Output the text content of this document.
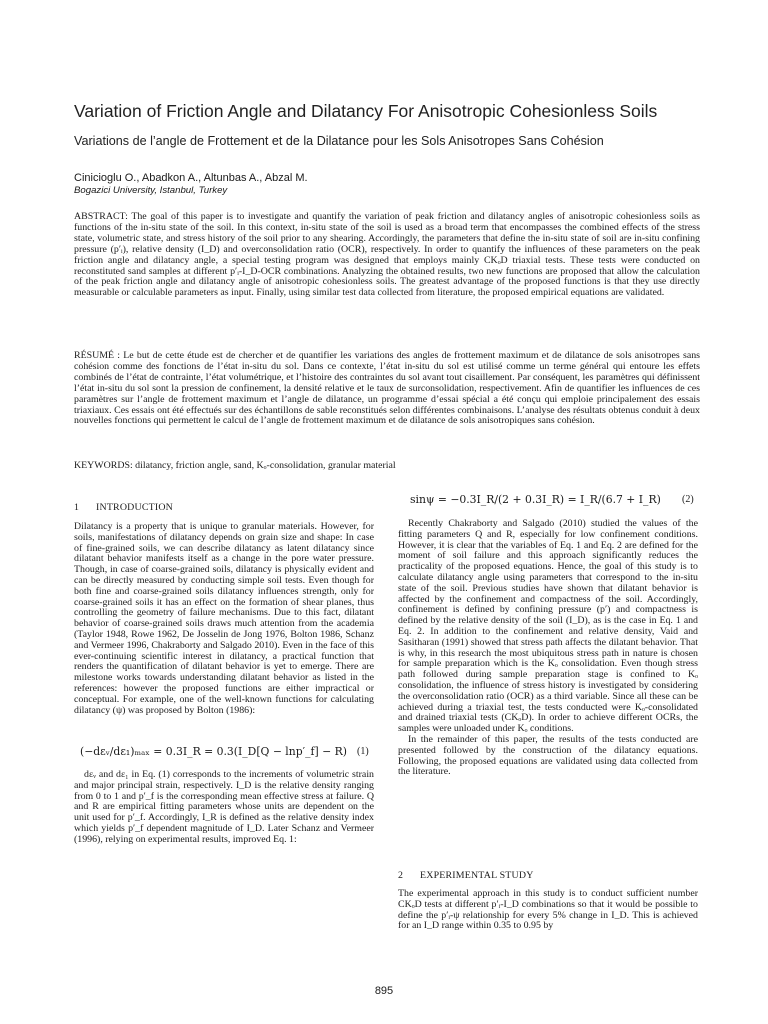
Variation of Friction Angle and Dilatancy For Anisotropic Cohesionless Soils
Variations de l’angle de Frottement et de la Dilatance pour les Sols Anisotropes Sans Cohésion
Cinicioglu O., Abadkon A., Altunbas A., Abzal M.
Bogazici University, Istanbul, Turkey

ABSTRACT: The goal of this paper is to investigate and quantify the variation of peak friction and dilatancy angles of anisotropic cohesionless soils as functions of the in-situ state of the soil. In this context, in-situ state of the soil is used as a broad term that encompasses the combined effects of the stress state, volumetric state, and stress history of the soil prior to any shearing. Accordingly, the parameters that define the in-situ state of soil are in-situ confining pressure (p′ᵢ), relative density (I_D) and overconsolidation ratio (OCR), respectively. In order to quantify the influences of these parameters on the peak friction angle and dilatancy angle, a special testing program was designed that employs mainly CKₒD triaxial tests. These tests were conducted on reconstituted sand samples at different p′ᵢ-I_D-OCR combinations. Analyzing the obtained results, two new functions are proposed that allow the calculation of the peak friction angle and dilatancy angle of anisotropic cohesionless soils. The greatest advantage of the proposed functions is that they use directly measurable or calculable parameters as input. Finally, using similar test data collected from literature, the proposed empirical equations are validated.

RÉSUMÉ : Le but de cette étude est de chercher et de quantifier les variations des angles de frottement maximum et de dilatance de sols anisotropes sans cohésion comme des fonctions de l’état in-situ du sol. Dans ce contexte, l’état in-situ du sol est utilisé comme un terme général qui entoure les effets combinés de l’état de contrainte, l’état volumétrique, et l’histoire des contraintes du sol avant tout cisaillement. Par conséquent, les paramètres qui définissent l’état in-situ du sol sont la pression de confinement, la densité relative et le taux de surconsolidation, respectivement. Afin de quantifier les influences de ces paramètres sur l’angle de frottement maximum et l’angle de dilatance, un programme d’essai spécial a été conçu qui emploie principalement des essais triaxiaux. Ces essais ont été effectués sur des échantillons de sable reconstitués selon différentes combinaisons. L’analyse des résultats obtenus conduit à deux nouvelles fonctions qui permettent le calcul de l’angle de frottement maximum et de dilatance de sols anisotropiques sans cohésion.

KEYWORDS: dilatancy, friction angle, sand, Kₒ-consolidation, granular material

1 INTRODUCTION

Dilatancy is a property that is unique to granular materials. However, for soils, manifestations of dilatancy depends on grain size and shape: In case of fine-grained soils, we can describe dilatancy as latent dilatancy since dilatant behavior manifests itself as a change in the pore water pressure. Though, in case of coarse-grained soils, dilatancy is physically evident and can be directly measured by conducting simple soil tests. Even though for both fine and coarse-grained soils dilatancy influences strength, only for coarse-grained soils it has an effect on the formation of shear planes, thus controlling the geometry of failure mechanisms. Due to this fact, dilatant behavior of coarse-grained soils draws much attention from the academia (Taylor 1948, Rowe 1962, De Josselin de Jong 1976, Bolton 1986, Schanz and Vermeer 1996, Chakraborty and Salgado 2010). Even in the face of this ever-continuing scientific interest in dilatancy, a practical function that renders the quantification of dilatant behavior is yet to emerge. There are milestone works towards understanding dilatant behavior as listed in the references: however the proposed functions are either impractical or conceptual. For example, one of the well-known functions for calculating dilatancy (ψ) was proposed by Bolton (1986):

(−dεᵥ/dε₁)ₘₐₓ = 0.3I_R = 0.3(I_D[Q − lnp′_f] − R) (1)

dεᵥ and dε₁ in Eq. (1) corresponds to the increments of volumetric strain and major principal strain, respectively. I_D is the relative density ranging from 0 to 1 and p′_f is the corresponding mean effective stress at failure. Q and R are empirical fitting parameters whose units are dependent on the unit used for p′_f. Accordingly, I_R is defined as the relative density index which yields p′_f dependent magnitude of I_D. Later Schanz and Vermeer (1996), relying on experimental results, improved Eq. 1:

sinψ = −0.3I_R/(2 + 0.3I_R) = I_R/(6.7 + I_R) (2)

Recently Chakraborty and Salgado (2010) studied the values of the fitting parameters Q and R, especially for low confinement conditions. However, it is clear that the variables of Eq. 1 and Eq. 2 are defined for the moment of soil failure and this approach significantly reduces the practicality of the proposed equations. Hence, the goal of this study is to calculate dilatancy angle using parameters that correspond to the in-situ state of the soil. Previous studies have shown that dilatant behavior is affected by the confinement and compactness of the soil. Accordingly, confinement is defined by confining pressure (p′) and compactness is defined by the relative density of the soil (I_D), as is the case in Eq. 1 and Eq. 2. In addition to the confinement and relative density, Vaid and Sasitharan (1991) showed that stress path affects the dilatant behavior. That is why, in this research the most ubiquitous stress path in nature is chosen for sample preparation which is the Kₒ consolidation. Even though stress path followed during sample preparation stage is confined to Kₒ consolidation, the influence of stress history is investigated by considering the overconsolidation ratio (OCR) as a third variable. Since all these can be achieved during a triaxial test, the tests conducted were Kₒ-consolidated and drained triaxial tests (CKₒD). In order to achieve different OCRs, the samples were unloaded under Kₒ conditions.

In the remainder of this paper, the results of the tests conducted are presented followed by the construction of the dilatancy equations. Following, the proposed equations are validated using data collected from the literature.

2 EXPERIMENTAL STUDY

The experimental approach in this study is to conduct sufficient number CKₒD tests at different p′ᵢ-I_D combinations so that it would be possible to define the p′ᵢ-ψ relationship for every 5% change in I_D. This is achieved for an I_D range within 0.35 to 0.95 by

895
